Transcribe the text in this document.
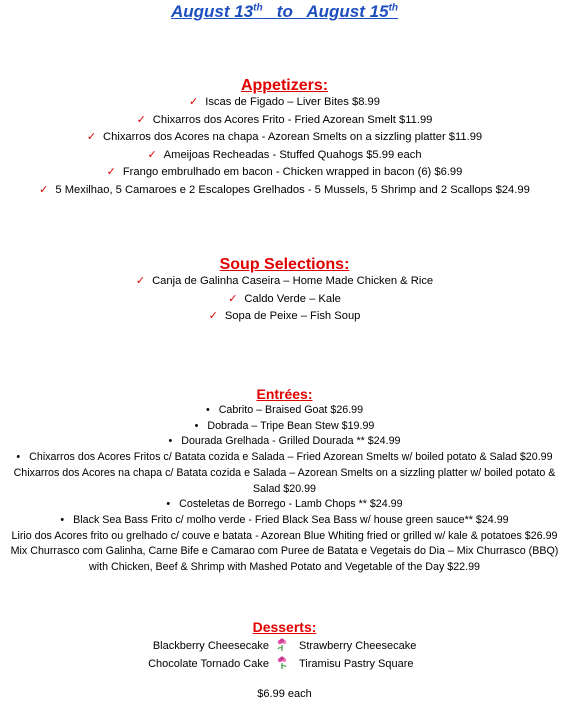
August 13th to August 15th
Appetizers:
✓ Iscas de Figado – Liver Bites $8.99
✓ Chixarros dos Acores Frito - Fried Azorean Smelt $11.99
✓ Chixarros dos Acores na chapa - Azorean Smelts on a sizzling platter $11.99
✓ Ameijoas Recheadas - Stuffed Quahogs $5.99 each
✓ Frango embrulhado em bacon - Chicken wrapped in bacon (6) $6.99
✓ 5 Mexilhao, 5 Camaroes e 2 Escalopes Grelhados - 5 Mussels, 5 Shrimp and 2 Scallops $24.99
Soup Selections:
✓ Canja de Galinha Caseira – Home Made Chicken & Rice
✓ Caldo Verde – Kale
✓ Sopa de Peixe – Fish Soup
Entrées:
• Cabrito – Braised Goat $26.99
• Dobrada – Tripe Bean Stew $19.99
• Dourada Grelhada - Grilled Dourada ** $24.99
• Chixarros dos Acores Fritos c/ Batata cozida e Salada – Fried Azorean Smelts w/ boiled potato & Salad $20.99
Chixarros dos Acores na chapa c/ Batata cozida e Salada – Azorean Smelts on a sizzling platter w/ boiled potato & Salad $20.99
• Costeletas de Borrego - Lamb Chops ** $24.99
• Black Sea Bass Frito c/ molho verde - Fried Black Sea Bass w/ house green sauce** $24.99
Lirio dos Acores frito ou grelhado c/ couve e batata - Azorean Blue Whiting fried or grilled w/ kale & potatoes $26.99
Mix Churrasco com Galinha, Carne Bife e Camarao com Puree de Batata e Vegetais do Dia – Mix Churrasco (BBQ) with Chicken, Beef & Shrimp with Mashed Potato and Vegetable of the Day $22.99
Desserts:
Blackberry Cheesecake	Strawberry Cheesecake
Chocolate Tornado Cake	Tiramisu Pastry Square
$6.99 each
